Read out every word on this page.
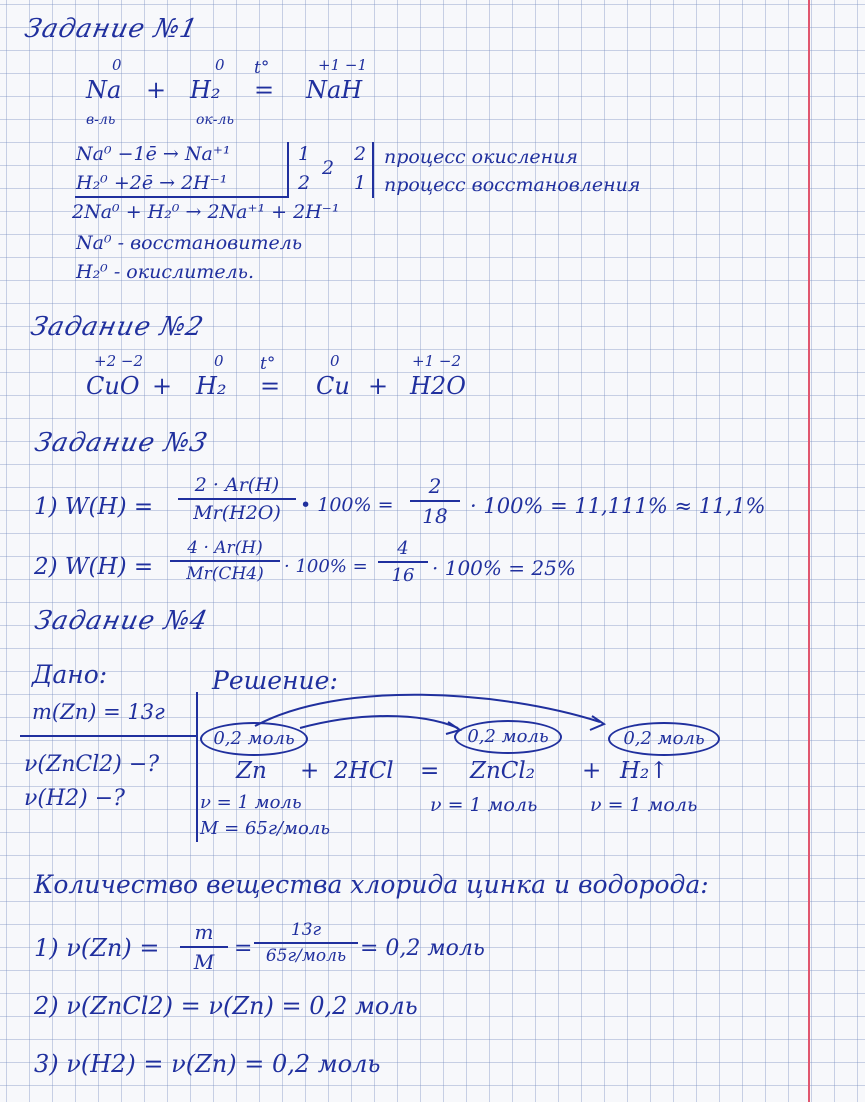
Задание №1
0	0 t°	+1 −1
Na + H₂ = NaH
в-ль	ок-ль
Na⁰ −1ē → Na⁺¹
H₂⁰ +2ē → 2H⁻¹
1
2
2
2
1
процесс окисления
процесс восстановления
2Na⁰ + H₂⁰ → 2Na⁺¹ + 2H⁻¹
Na⁰ - восстановитель
H₂⁰ - окислитель.
Задание №2
+2 −2	0 t°	0	+1 −2
CuO + H₂ = Cu + H2O
Задание №3
1) $W(H) = \frac{2 \cdot Ar(H)}{Mr(H2O)}$ • $100\% = \frac{2}{18} \cdot 100\% = 11,111\% \approx 11,1\%$
2) $W(H) = \frac{4 \cdot Ar(H)}{Mr(CH4)} \cdot 100\% = \frac{4}{16} \cdot 100\% = 25\%$
Задание №4
Дано:
m(Zn) = 13г
ν(ZnCl2) −?
ν(H2) −?
Решение:
0,2 моль	0,2 моль	0,2 моль
Zn + 2HCl = ZnCl₂ + H₂↑
ν = 1 моль
M = 65г/моль
ν = 1 моль	ν = 1 моль
Количество вещества хлорида цинка и водорода:
1) $\nu(Zn) = \frac{m}{M}$ =
13г
65г/моль = 0,2 моль
2) ν(ZnCl2) = ν(Zn) = 0,2 моль
3) ν(H2) = ν(Zn) = 0,2 моль
